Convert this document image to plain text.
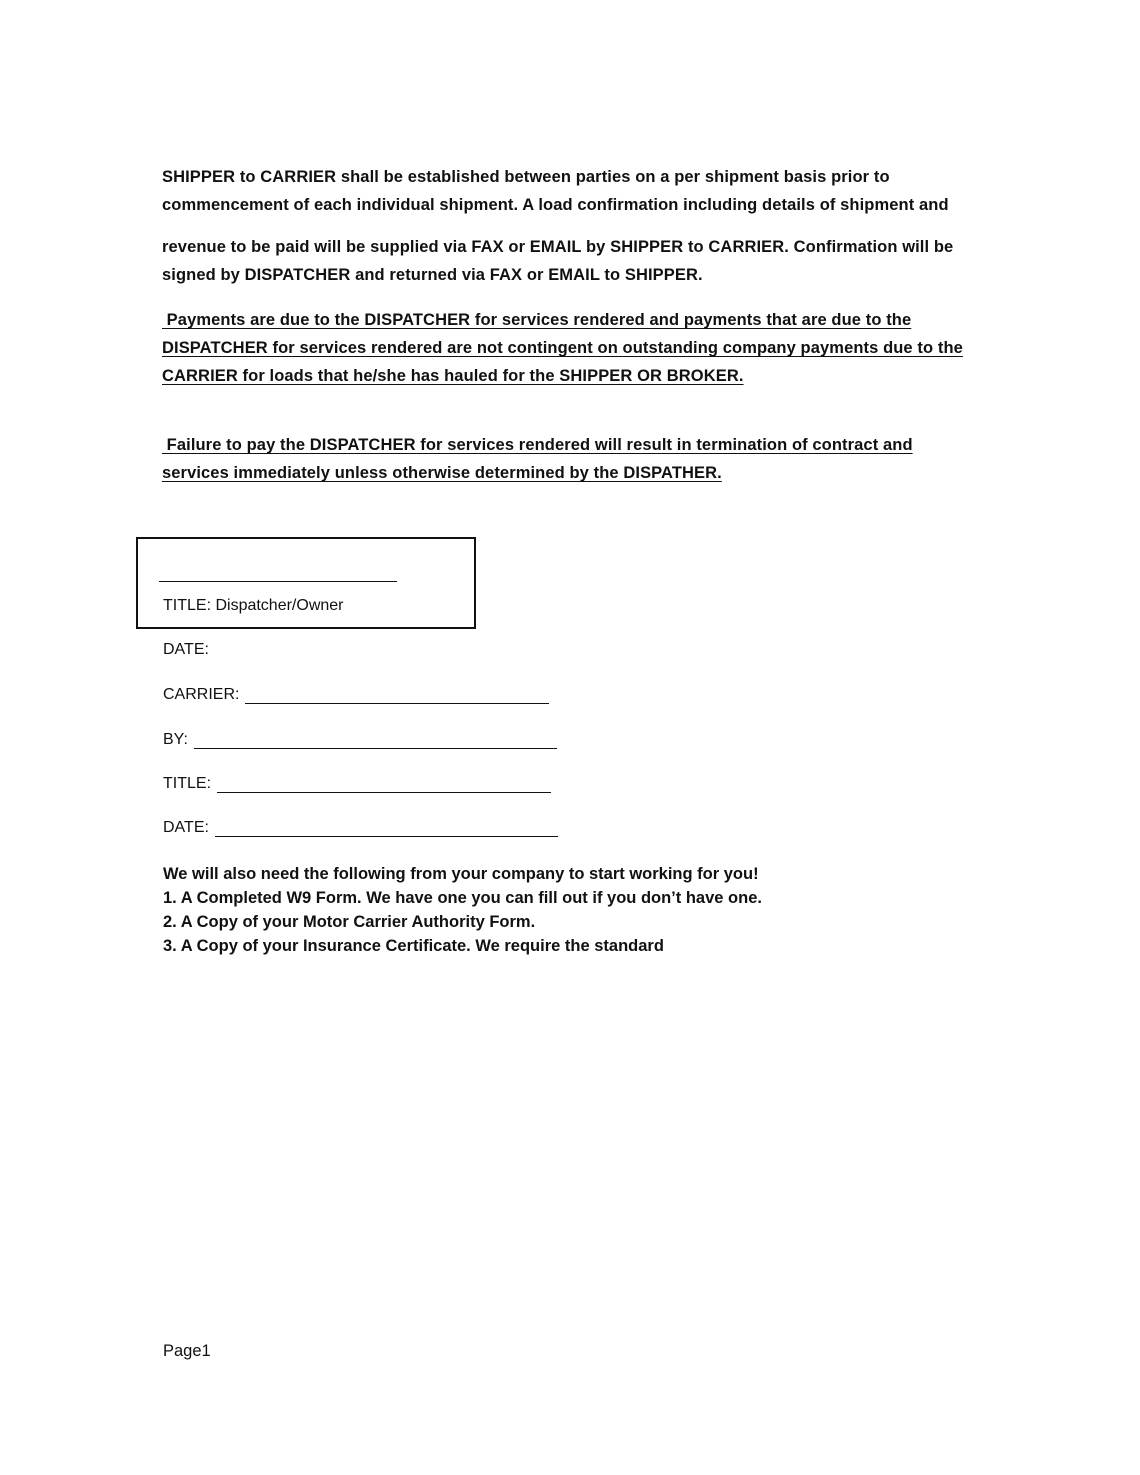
SHIPPER to CARRIER shall be established between parties on a per shipment basis prior to
commencement of each individual shipment. A load confirmation including details of shipment and
revenue to be paid will be supplied via FAX or EMAIL by SHIPPER to CARRIER. Confirmation will be
signed by DISPATCHER and returned via FAX or EMAIL to SHIPPER.
Payments are due to the DISPATCHER for services rendered and payments that are due to the
DISPATCHER for services rendered are not contingent on outstanding company payments due to the
CARRIER for loads that he/she has hauled for the SHIPPER OR BROKER.
Failure to pay the DISPATCHER for services rendered will result in termination of contract and
services immediately unless otherwise determined by the DISPATHER.
TITLE: Dispatcher/Owner
DATE:
CARRIER:
BY:
TITLE:
DATE:
We will also need the following from your company to start working for you!
1. A Completed W9 Form. We have one you can fill out if you don’t have one.
2. A Copy of your Motor Carrier Authority Form.
3. A Copy of your Insurance Certificate. We require the standard
Page1
